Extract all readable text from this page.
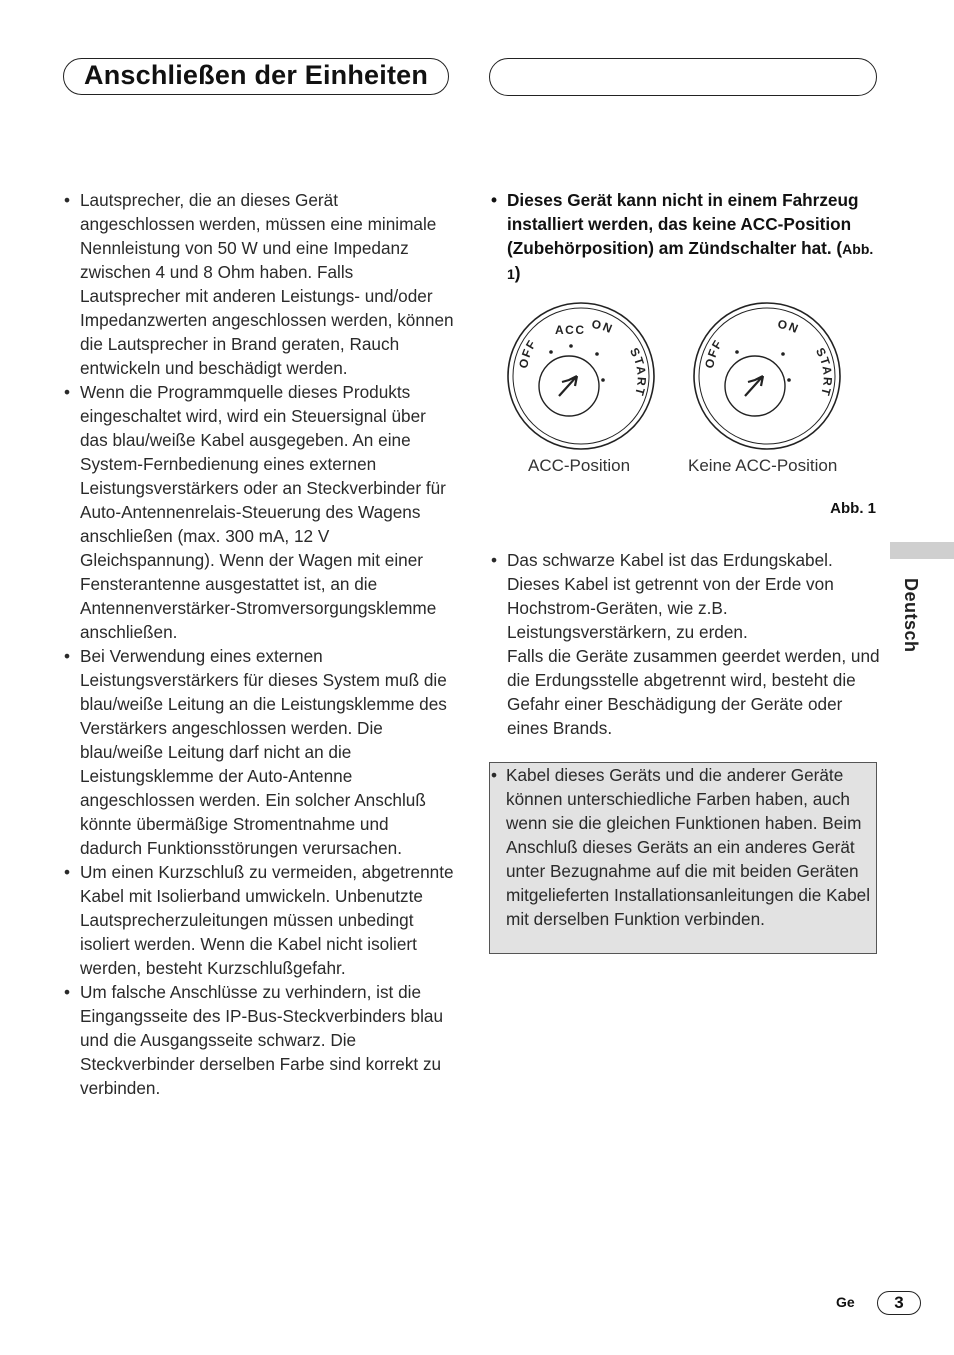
Anschließen der Einheiten
• Lautsprecher, die an dieses Gerät angeschlossen werden, müssen eine minimale Nennleistung von 50 W und eine Impedanz zwischen 4 und 8 Ohm haben. Falls Lautsprecher mit anderen Leistungs- und/oder Impedanzwerten angeschlossen werden, können die Lautsprecher in Brand geraten, Rauch entwickeln und beschädigt werden.
• Wenn die Programmquelle dieses Produkts eingeschaltet wird, wird ein Steuersignal über das blau/weiße Kabel ausgegeben. An eine System-Fernbedienung eines externen Leistungsverstärkers oder an Steckverbinder für Auto-Antennenrelais-Steuerung des Wagens anschließen (max. 300 mA, 12 V Gleichspannung). Wenn der Wagen mit einer Fensterantenne ausgestattet ist, an die Antennenverstärker-Stromversorgungsklemme anschließen.
• Bei Verwendung eines externen Leistungsverstärkers für dieses System muß die blau/weiße Leitung an die Leistungsklemme des Verstärkers angeschlossen werden. Die blau/weiße Leitung darf nicht an die Leistungsklemme der Auto-Antenne angeschlossen werden. Ein solcher Anschluß könnte übermäßige Stromentnahme und dadurch Funktionsstörungen verursachen.
• Um einen Kurzschluß zu vermeiden, abgetrennte Kabel mit Isolierband umwickeln. Unbenutzte Lautsprecherzuleitungen müssen unbedingt isoliert werden. Wenn die Kabel nicht isoliert werden, besteht Kurzschlußgefahr.
• Um falsche Anschlüsse zu verhindern, ist die Eingangsseite des IP-Bus-Steckverbinders blau und die Ausgangsseite schwarz. Die Steckverbinder derselben Farbe sind korrekt zu verbinden.
• Dieses Gerät kann nicht in einem Fahrzeug installiert werden, das keine ACC-Position (Zubehörposition) am Zündschalter hat. (Abb. 1)
OFF
ACC ON
START
OFF
ON
START
ACC-Position	Keine ACC-Position
Abb. 1
• Das schwarze Kabel ist das Erdungskabel. Dieses Kabel ist getrennt von der Erde von Hochstrom-Geräten, wie z.B. Leistungsverstärkern, zu erden.
Falls die Geräte zusammen geerdet werden, und die Erdungsstelle abgetrennt wird, besteht die Gefahr einer Beschädigung der Geräte oder eines Brands.
• Kabel dieses Geräts und die anderer Geräte können unterschiedliche Farben haben, auch wenn sie die gleichen Funktionen haben. Beim Anschluß dieses Geräts an ein anderes Gerät unter Bezugnahme auf die mit beiden Geräten mitgelieferten Installationsanleitungen die Kabel mit derselben Funktion verbinden.
Deutsch
Ge	3
